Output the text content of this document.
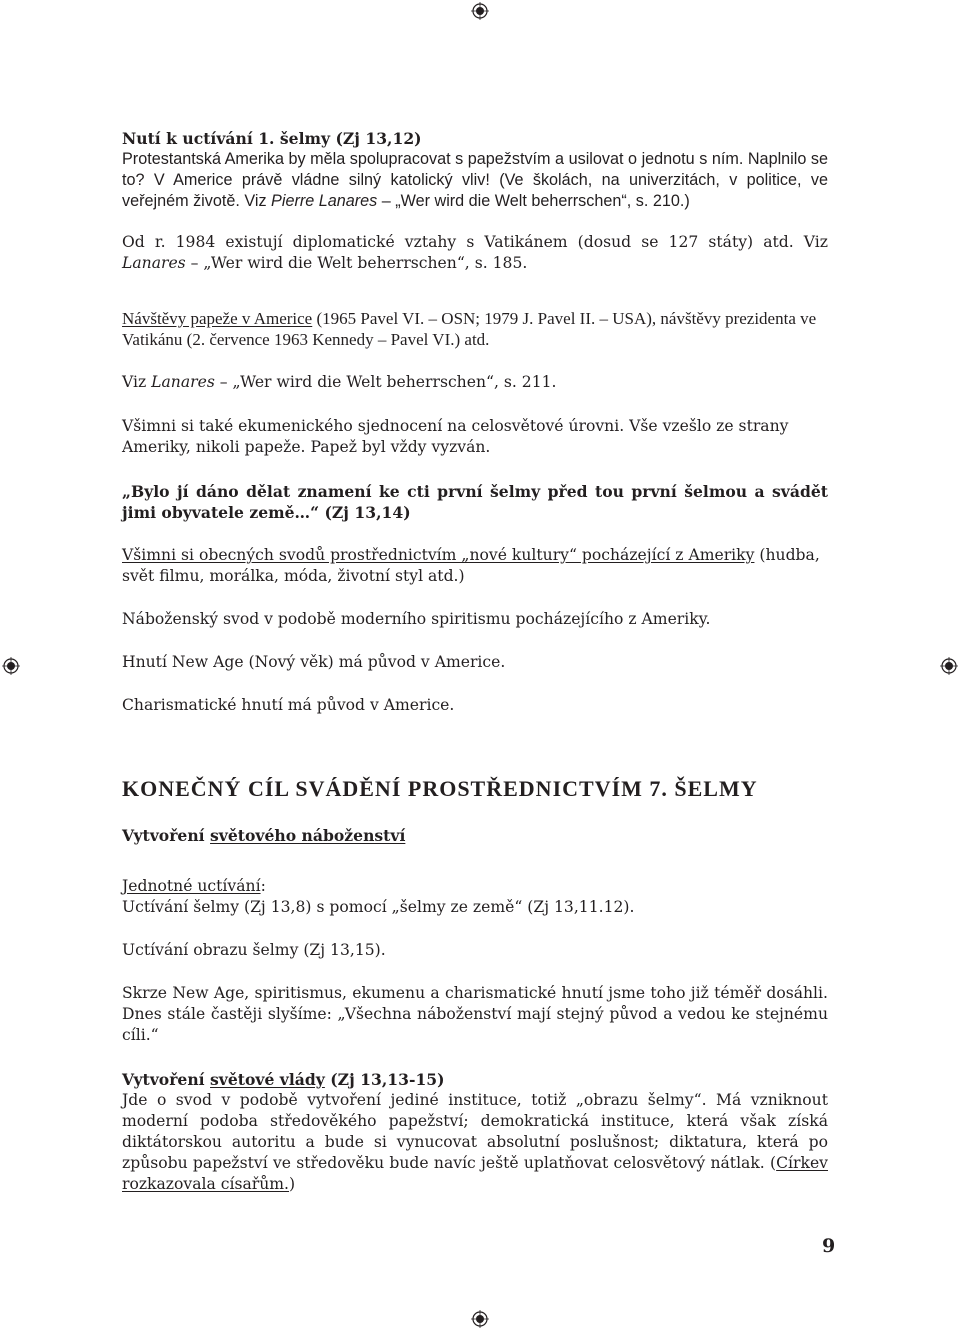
Nutí k uctívání 1. šelmy (Zj 13,12)

Protestantská Amerika by měla spolupracovat s papežstvím a usilovat o jednotu s ním. Naplnilo se to? V Americe právě vládne silný katolický vliv! (Ve školách, na univerzitách, v politice, ve veřejném životě. Viz Pierre Lanares – „Wer wird die Welt beherrschen“, s. 210.)

Od r. 1984 existují diplomatické vztahy s Vatikánem (dosud se 127 státy) atd. Viz Lanares – „Wer wird die Welt beherrschen“, s. 185.

Návštěvy papeže v Americe (1965 Pavel VI. – OSN; 1979 J. Pavel II. – USA), návštěvy prezidenta ve Vatikánu (2. července 1963 Kennedy – Pavel VI.) atd.

Viz Lanares – „Wer wird die Welt beherrschen“, s. 211.

Všimni si také ekumenického sjednocení na celosvětové úrovni. Vše vzešlo ze strany Ameriky, nikoli papeže. Papež byl vždy vyzván.

„Bylo jí dáno dělat znamení ke cti první šelmy před tou první šelmou a svádět jimi obyvatele země…“ (Zj 13,14)

Všimni si obecných svodů prostřednictvím „nové kultury“ pocházející z Ameriky (hudba, svět filmu, morálka, móda, životní styl atd.)

Náboženský svod v podobě moderního spiritismu pocházejícího z Ameriky.

Hnutí New Age (Nový věk) má původ v Americe.

Charismatické hnutí má původ v Americe.

KONEČNÝ CÍL SVÁDĚNÍ PROSTŘEDNICTVÍM 7. ŠELMY

Vytvoření světového náboženství

Jednotné uctívání:

Uctívání šelmy (Zj 13,8) s pomocí „šelmy ze země“ (Zj 13,11.12).

Uctívání obrazu šelmy (Zj 13,15).

Skrze New Age, spiritismus, ekumenu a charismatické hnutí jsme toho již téměř dosáhli. Dnes stále častěji slyšíme: „Všechna náboženství mají stejný původ a vedou ke stejnému cíli.“

Vytvoření světové vlády (Zj 13,13-15)

Jde o svod v podobě vytvoření jediné instituce, totiž „obrazu šelmy“. Má vzniknout moderní podoba středověkého papežství; demokratická instituce, která však získá diktátorskou autoritu a bude si vynucovat absolutní poslušnost; diktatura, která po způsobu papežství ve středověku bude navíc ještě uplatňovat celosvětový nátlak. (Církev rozkazovala císařům.)

9
